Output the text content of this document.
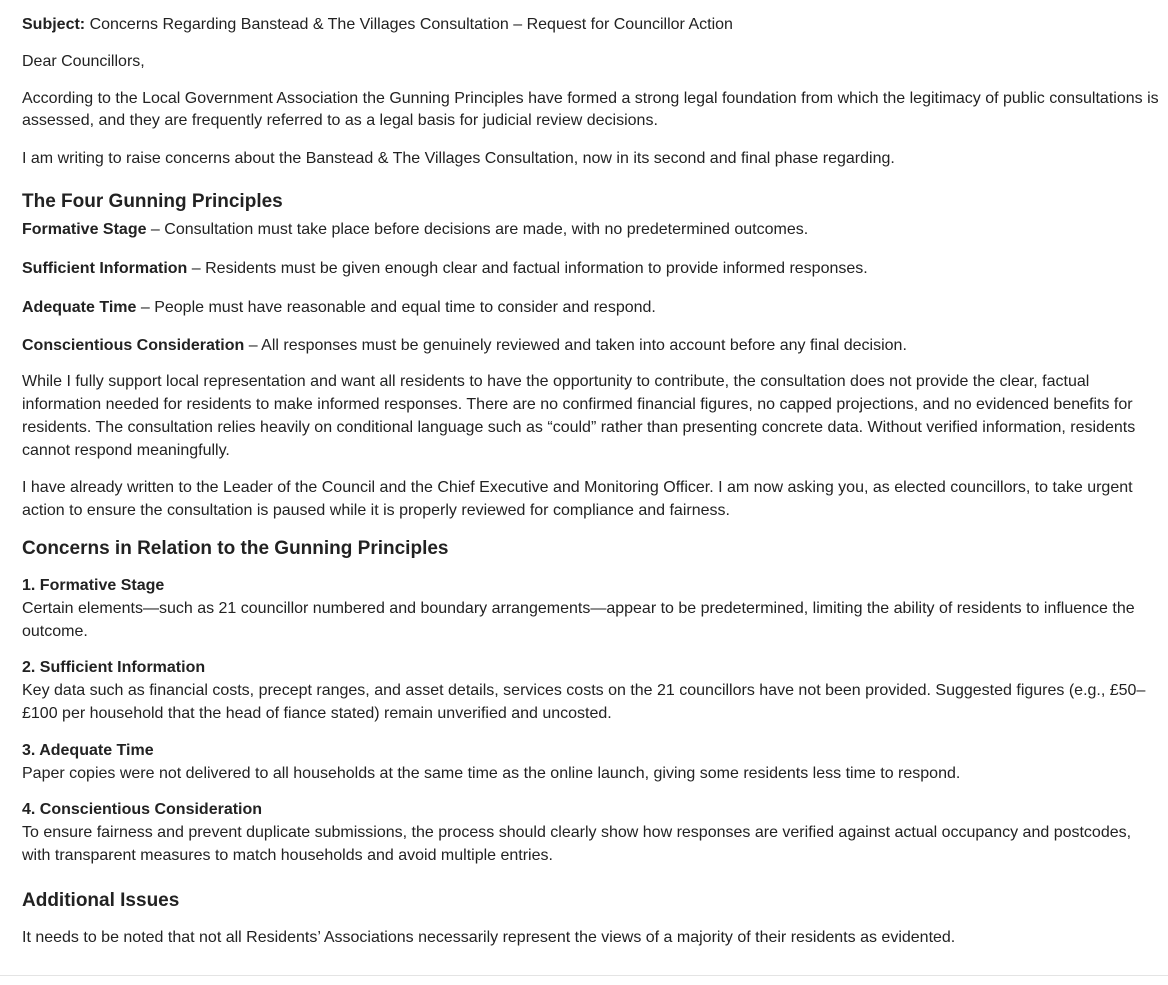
Subject: Concerns Regarding Banstead & The Villages Consultation – Request for Councillor Action

Dear Councillors,

According to the Local Government Association the Gunning Principles have formed a strong legal foundation from which the legitimacy of public consultations is assessed, and they are frequently referred to as a legal basis for judicial review decisions.

I am writing to raise concerns about the Banstead & The Villages Consultation, now in its second and final phase regarding.

The Four Gunning Principles

Formative Stage – Consultation must take place before decisions are made, with no predetermined outcomes.

Sufficient Information – Residents must be given enough clear and factual information to provide informed responses.

Adequate Time – People must have reasonable and equal time to consider and respond.

Conscientious Consideration – All responses must be genuinely reviewed and taken into account before any final decision.

While I fully support local representation and want all residents to have the opportunity to contribute, the consultation does not provide the clear, factual information needed for residents to make informed responses. There are no confirmed financial figures, no capped projections, and no evidenced benefits for residents. The consultation relies heavily on conditional language such as “could” rather than presenting concrete data. Without verified information, residents cannot respond meaningfully.

I have already written to the Leader of the Council and the Chief Executive and Monitoring Officer. I am now asking you, as elected councillors, to take urgent action to ensure the consultation is paused while it is properly reviewed for compliance and fairness.

Concerns in Relation to the Gunning Principles
1. Formative Stage
Certain elements—such as 21 councillor numbered and boundary arrangements—appear to be predetermined, limiting the ability of residents to influence the outcome.
2. Sufficient Information
Key data such as financial costs, precept ranges, and asset details, services costs on the 21 councillors have not been provided. Suggested figures (e.g., £50–£100 per household that the head of fiance stated) remain unverified and uncosted.
3. Adequate Time
Paper copies were not delivered to all households at the same time as the online launch, giving some residents less time to respond.
4. Conscientious Consideration
To ensure fairness and prevent duplicate submissions, the process should clearly show how responses are verified against actual occupancy and postcodes, with transparent measures to match households and avoid multiple entries.
Additional Issues

It needs to be noted that not all Residents’ Associations necessarily represent the views of a majority of their residents as evidented.
